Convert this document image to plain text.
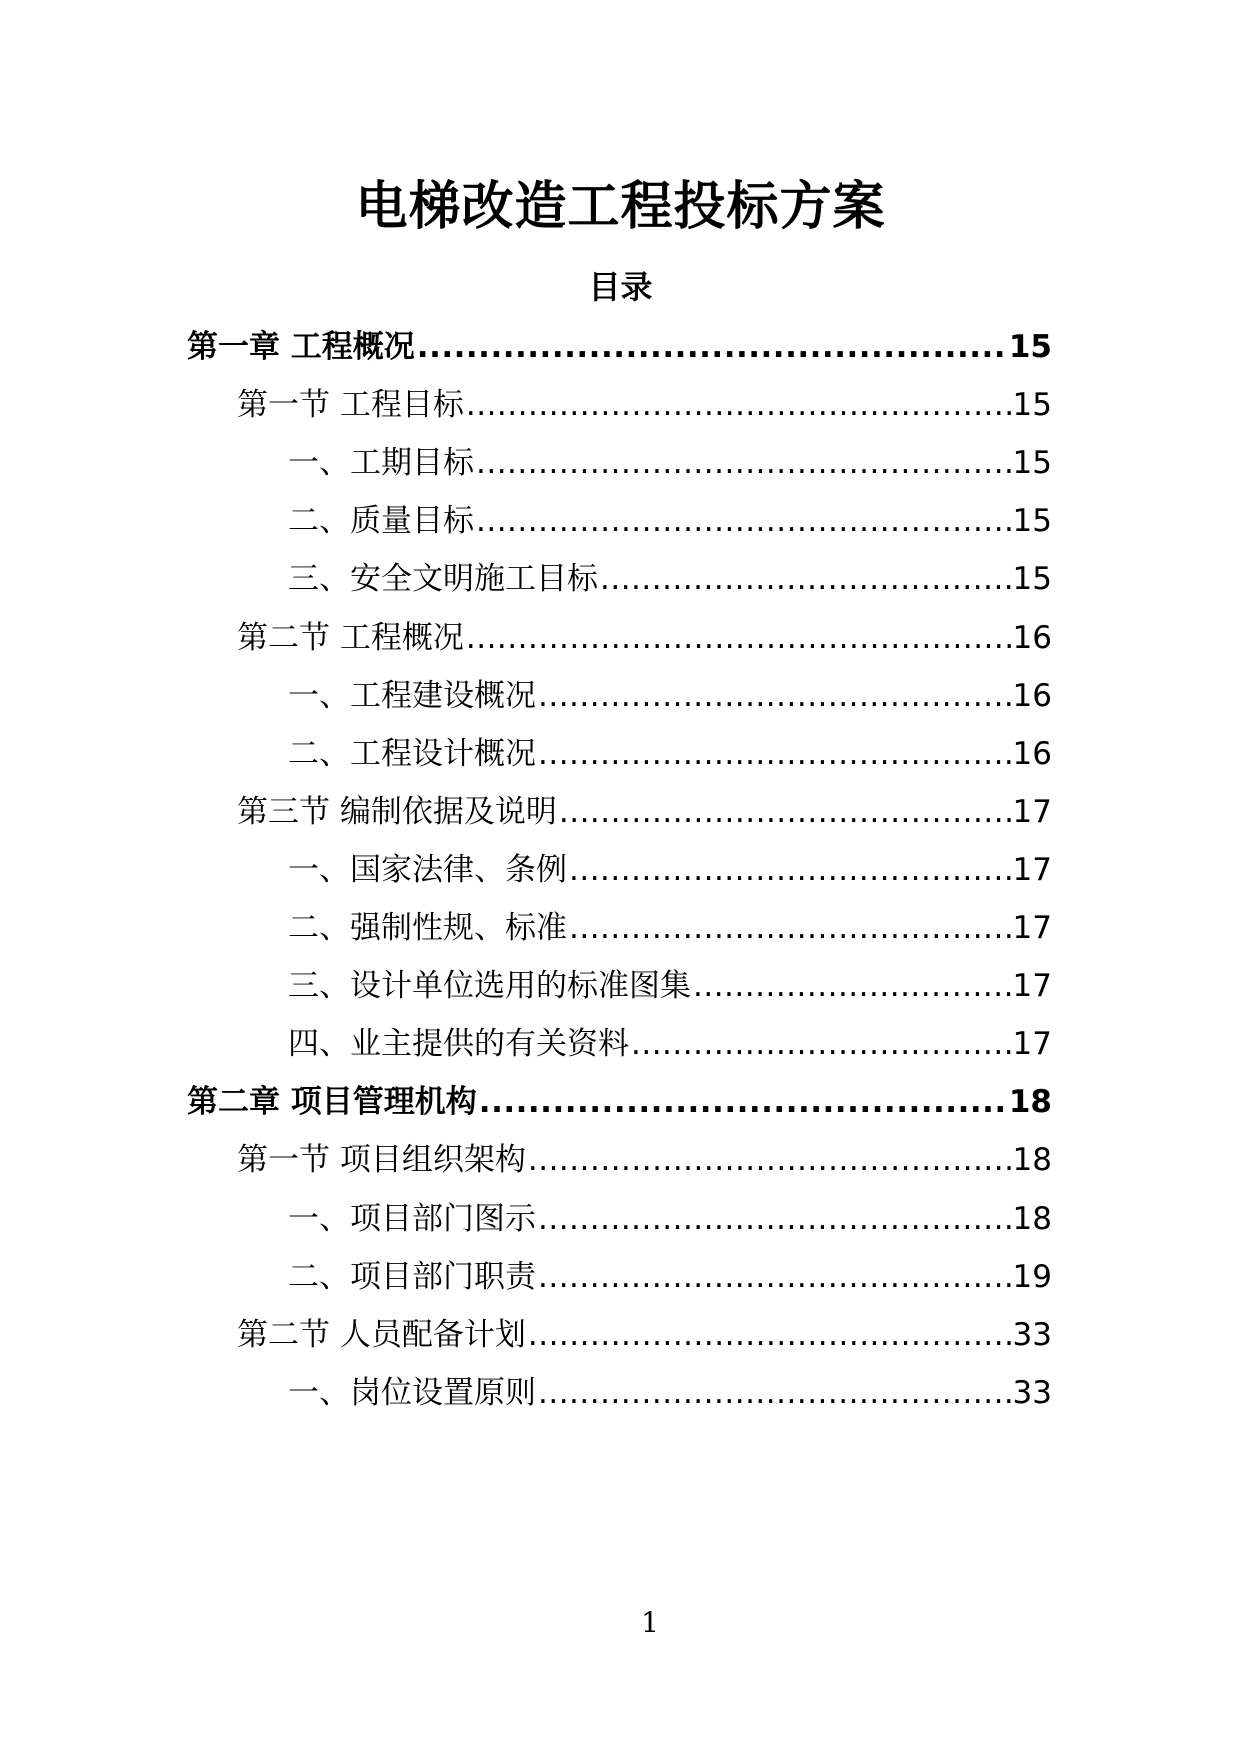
电梯改造工程投标方案
目录
第一章 工程概况 .....	15
第一节 工程目标 .....	15
一、工期目标 .....	15
二、质量目标 .....	15
三、安全文明施工目标 .....	15
第二节 工程概况 .....	16
一、工程建设概况 .....	16
二、工程设计概况 .....	16
第三节 编制依据及说明 .....	17
一、国家法律、条例 .....	17
二、强制性规、标准 .....	17
三、设计单位选用的标准图集 .....	17
四、业主提供的有关资料 .....	17
第二章 项目管理机构 .....	18
第一节 项目组织架构 .....	18
一、项目部门图示 .....	18
二、项目部门职责 .....	19
第二节 人员配备计划 .....	33
一、岗位设置原则 .....	33
1
